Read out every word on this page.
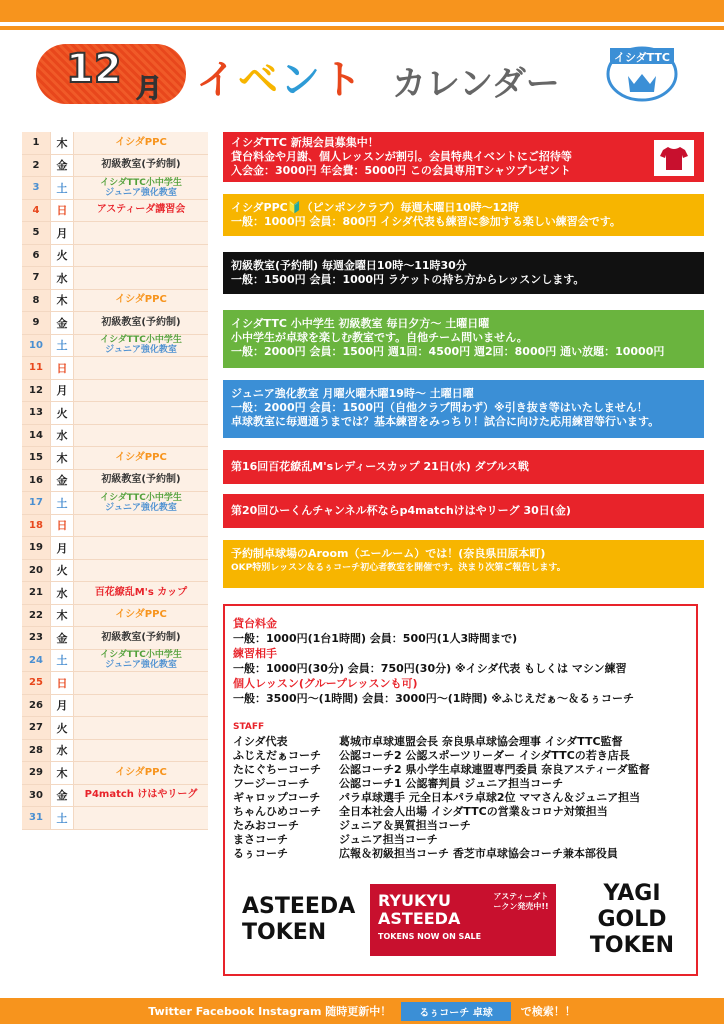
12 月 イベント カレンダー
イシダTTC
1	木	イシダPPC
2	金	初級教室(予約制)
3	土	イシダTTC小中学生
ジュニア強化教室
4	日	アスティーダ講習会
5	月
6	火
7	水
8	木	イシダPPC
9	金	初級教室(予約制)
10	土	イシダTTC小中学生
ジュニア強化教室
11	日
12	月
13	火
14	水
15	木	イシダPPC
16	金	初級教室(予約制)
17	土	イシダTTC小中学生
ジュニア強化教室
18	日
19	月
20	火
21	水	百花繚乱M's カップ
22	木	イシダPPC
23	金	初級教室(予約制)
24	土	イシダTTC小中学生
ジュニア強化教室
25	日
26	月
27	火
28	水
29	木	イシダPPC
30	金	P4match けはやリーグ
31	土
イシダTTC 新規会員募集中！
貸台料金や月謝、個人レッスンが割引。会員特典イベントにご招待等
入会金：3000円 年会費：5000円 この会員専用Tシャツプレゼント
イシダPPC🔰（ピンポンクラブ）毎週木曜日10時～12時
一般：1000円 会員：800円 イシダ代表も練習に参加する楽しい練習会です。
初級教室(予約制) 毎週金曜日10時～11時30分
一般：1500円 会員：1000円 ラケットの持ち方からレッスンします。
イシダTTC 小中学生 初級教室 毎日夕方～ 土曜日曜
小中学生が卓球を楽しむ教室です。自他チーム問いません。
一般：2000円 会員：1500円 週1回：4500円 週2回：8000円 通い放題：10000円
ジュニア強化教室 月曜火曜木曜19時～ 土曜日曜
一般：2000円 会員：1500円（自他クラブ問わず）※引き抜き等はいたしません！
卓球教室に毎週通うまでは？基本練習をみっちり！試合に向けた応用練習等行います。
第16回百花繚乱M'sレディースカップ 21日(水) ダブルス戦
第20回ひーくんチャンネル杯ならp4matchけはやリーグ 30日(金)
予約制卓球場のAroom（エールーム）では！(奈良県田原本町)
OKP特別レッスン＆るぅコーチ初心者教室を開催です。決まり次第ご報告します。
貸台料金
一般：1000円(1台1時間) 会員：500円(1人3時間まで)
練習相手
一般：1000円(30分) 会員：750円(30分) ※イシダ代表 もしくは マシン練習
個人レッスン(グループレッスンも可)
一般：3500円～(1時間) 会員：3000円～(1時間) ※ふじえだぁ～＆るぅコーチ
STAFF
イシダ代表	葛城市卓球連盟会長 奈良県卓球協会理事 イシダTTC監督
ふじえだぁコーチ	公認コーチ2 公認スポーツリーダー イシダTTCの若き店長
たにぐちーコーチ	公認コーチ2 県小学生卓球連盟専門委員 奈良アスティーダ監督
フージーコーチ	公認コーチ1 公認審判員 ジュニア担当コーチ
ギャロップコーチ	パラ卓球選手 元全日本パラ卓球2位 ママさん＆ジュニア担当
ちゃんひめコーチ	全日本社会人出場 イシダTTCの営業＆コロナ対策担当
たみおコーチ	ジュニア＆異質担当コーチ
まさコーチ	ジュニア担当コーチ
るぅコーチ	広報＆初級担当コーチ 香芝市卓球協会コーチ兼本部役員
ASTEEDA
TOKEN
RYUKYU
ASTEEDA
TOKENS NOW ON SALE
アスティーダトークン発売中!!
YAGI GOLD
TOKEN
Twitter Facebook Instagram 随時更新中！	るぅコーチ 卓球	で検索！！
